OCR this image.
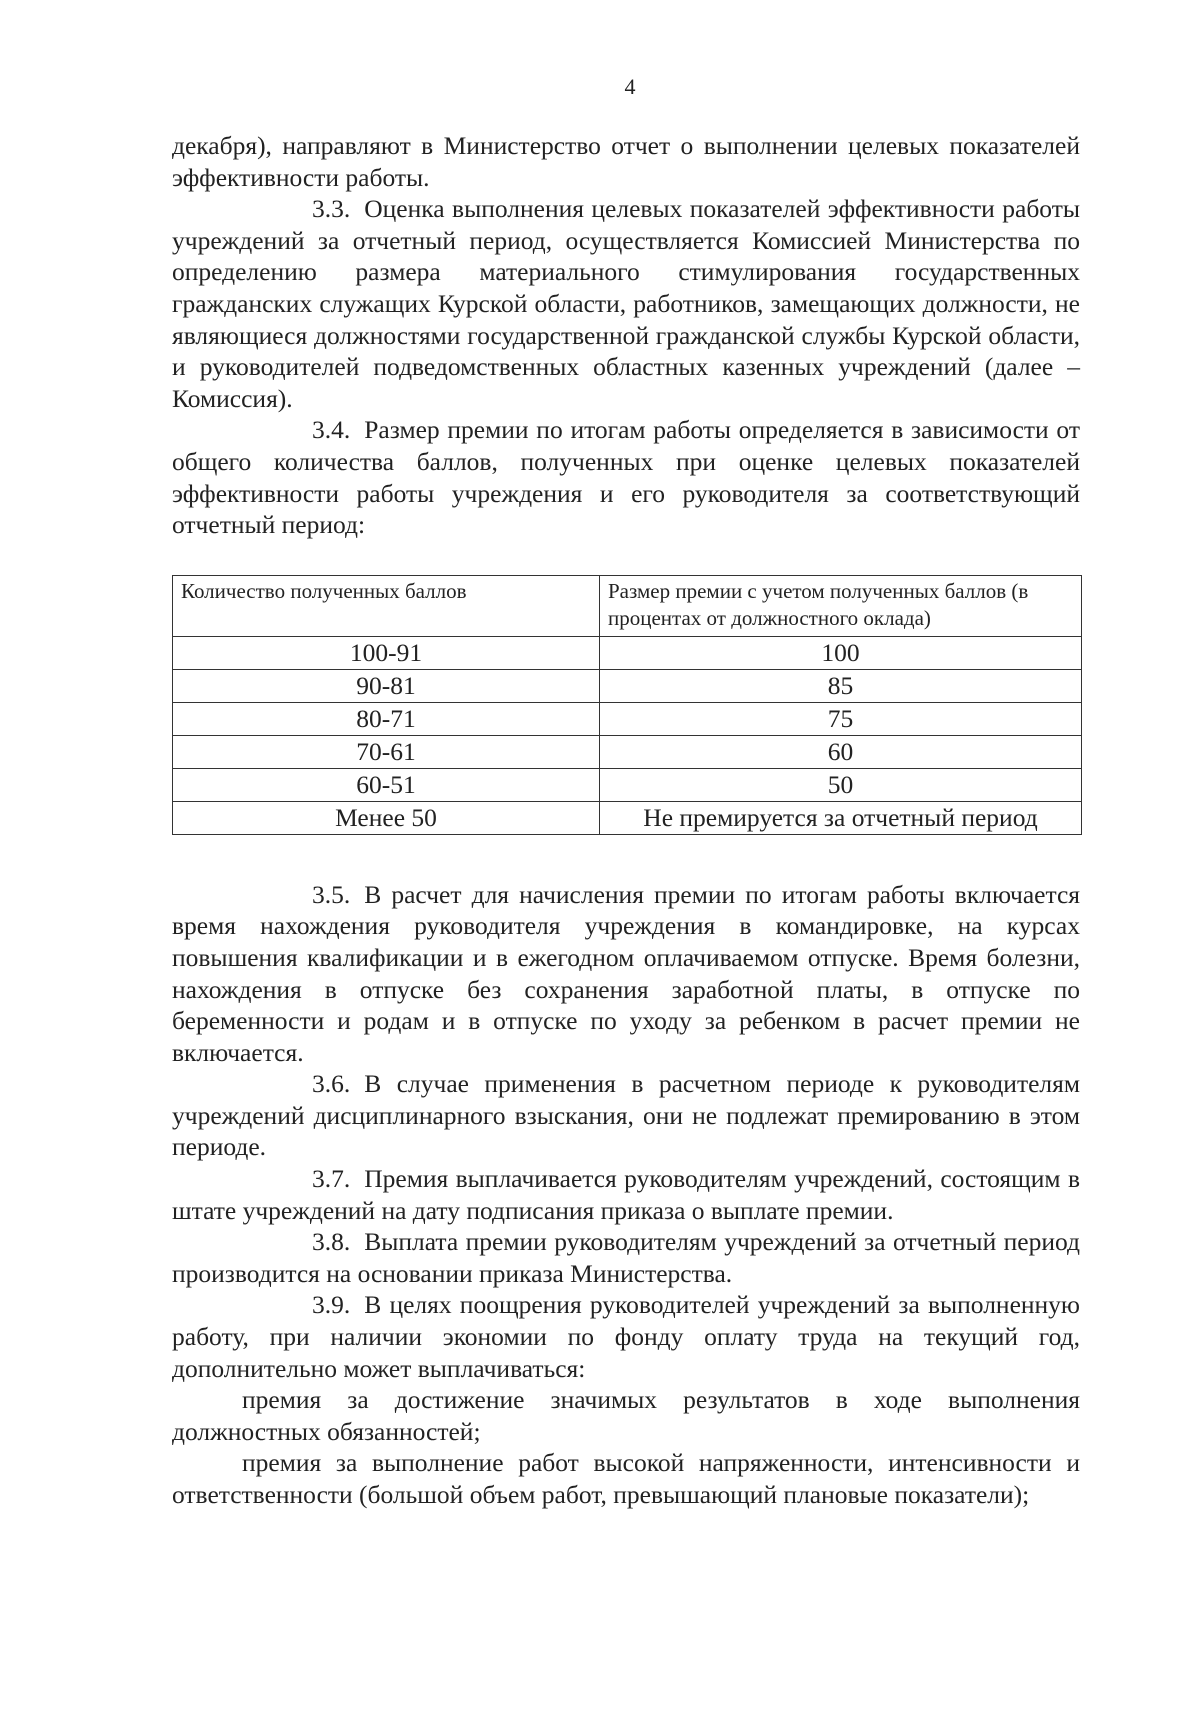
4

декабря), направляют в Министерство отчет о выполнении целевых показателей эффективности работы.

3.3. Оценка выполнения целевых показателей эффективности работы учреждений за отчетный период, осуществляется Комиссией Министерства по определению размера материального стимулирования государственных гражданских служащих Курской области, работников, замещающих должности, не являющиеся должностями государственной гражданской службы Курской области, и руководителей подведомственных областных казенных учреждений (далее – Комиссия).

3.4. Размер премии по итогам работы определяется в зависимости от общего количества баллов, полученных при оценке целевых показателей эффективности работы учреждения и его руководителя за соответствующий отчетный период:

Количество полученных баллов	Размер премии с учетом полученных баллов (в процентах от должностного оклада)
100-91	100
90-81	85
80-71	75
70-61	60
60-51	50
Менее 50	Не премируется за отчетный период

3.5. В расчет для начисления премии по итогам работы включается время нахождения руководителя учреждения в командировке, на курсах повышения квалификации и в ежегодном оплачиваемом отпуске. Время болезни, нахождения в отпуске без сохранения заработной платы, в отпуске по беременности и родам и в отпуске по уходу за ребенком в расчет премии не включается.

3.6. В случае применения в расчетном периоде к руководителям учреждений дисциплинарного взыскания, они не подлежат премированию в этом периоде.

3.7. Премия выплачивается руководителям учреждений, состоящим в штате учреждений на дату подписания приказа о выплате премии.

3.8. Выплата премии руководителям учреждений за отчетный период производится на основании приказа Министерства.

3.9. В целях поощрения руководителей учреждений за выполненную работу, при наличии экономии по фонду оплату труда на текущий год, дополнительно может выплачиваться:

премия за достижение значимых результатов в ходе выполнения должностных обязанностей;

премия за выполнение работ высокой напряженности, интенсивности и ответственности (большой объем работ, превышающий плановые показатели);
